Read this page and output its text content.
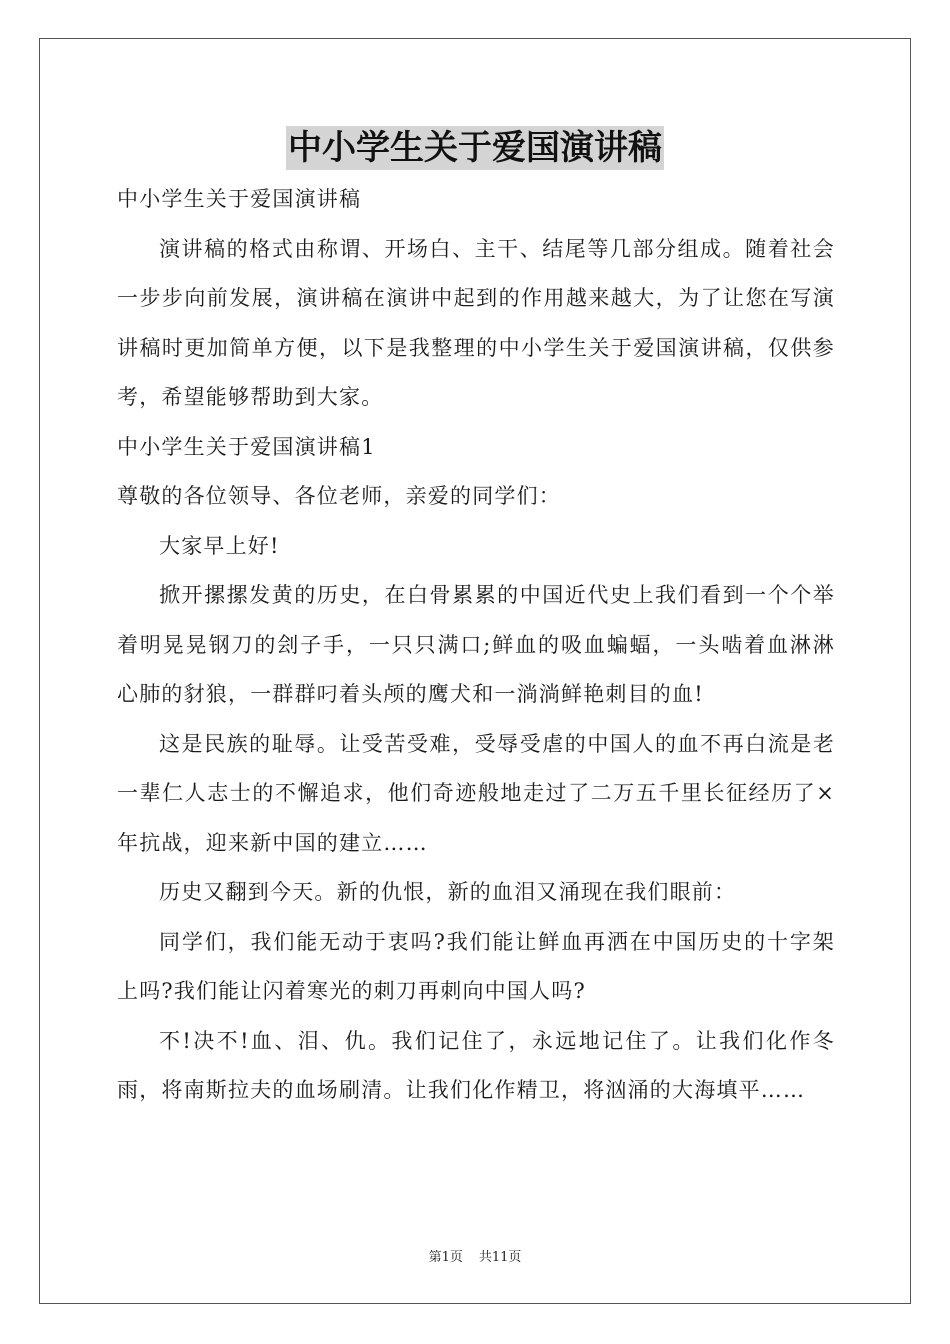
中小学生关于爱国演讲稿

中小学生关于爱国演讲稿

演讲稿的格式由称谓、开场白、主干、结尾等几部分组成。随着社会一步步向前发展，演讲稿在演讲中起到的作用越来越大，为了让您在写演讲稿时更加简单方便，以下是我整理的中小学生关于爱国演讲稿，仅供参考，希望能够帮助到大家。

中小学生关于爱国演讲稿1

尊敬的各位领导、各位老师，亲爱的同学们：

大家早上好!

掀开摞摞发黄的历史，在白骨累累的中国近代史上我们看到一个个举着明晃晃钢刀的刽子手，一只只满口;鲜血的吸血蝙蝠，一头啮着血淋淋心肺的豺狼，一群群叼着头颅的鹰犬和一淌淌鲜艳刺目的血!

这是民族的耻辱。让受苦受难，受辱受虐的中国人的血不再白流是老一辈仁人志士的不懈追求，他们奇迹般地走过了二万五千里长征经历了×年抗战，迎来新中国的建立……

历史又翻到今天。新的仇恨，新的血泪又涌现在我们眼前：

同学们，我们能无动于衷吗?我们能让鲜血再洒在中国历史的十字架上吗?我们能让闪着寒光的刺刀再刺向中国人吗?

不!决不!血、泪、仇。我们记住了，永远地记住了。让我们化作冬雨，将南斯拉夫的血场刷清。让我们化作精卫，将汹涌的大海填平……

第1页 共11页
